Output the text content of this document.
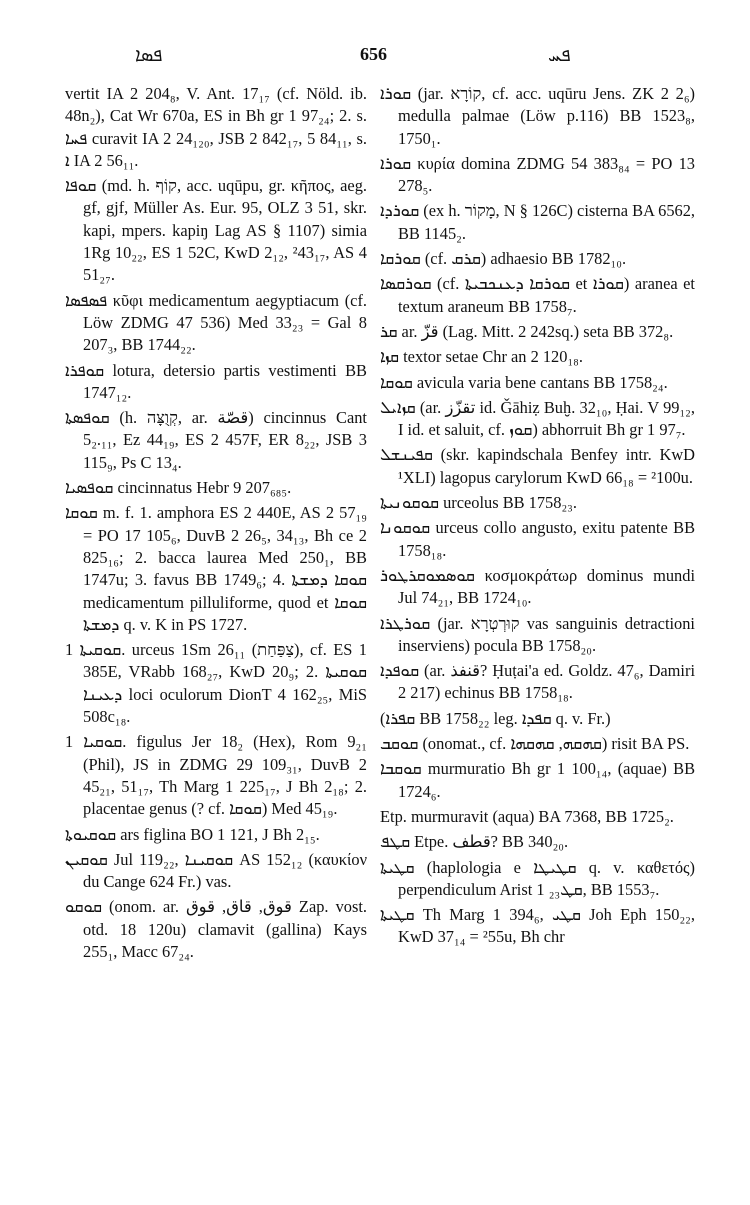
ܦܣܐ	656	ܦܚ

vertit IA 2 204₈, V. Ant. 17₁₇ (cf. Nöld. ib. 48n₂), Cat Wr 670a, ES in Bh gr 1 97₂₄; 2. s. ܦܚܐ curavit IA 2 24₁₂₀, JSB 2 842₁₇, 5 84₁₁, s. ܐ IA 2 56₁₁.

ܩܘܦܐ (md. h. קוֹף, acc. uqūpu, gr. κῆπος, aeg. gf, gjf, Müller As. Eur. 95, OLZ 3 51, skr. kapi, mpers. kapiŋ Lag AS § 1107) simia 1Rg 10₂₂, ES 1 52C, KwD 2₁₂, ²43₁₇, AS 4 51₂₇.

ܦܣܦܣܐ κῦφι medicamentum aegyptiacum (cf. Löw ZDMG 47 536) Med 33₂₃ = Gal 8 207₃, BB 1744₂₂.

ܩܘܦܪܐ lotura, detersio partis vestimenti BB 1747₁₂.

ܩܘܦܣܬܐ (h. קְוֻצָּה, ar. قصّة) cincinnus Cant 5₂.₁₁, Ez 44₁₉, ES 2 457F, ER 8₂₂, JSB 3 115₉, Ps C 13₄.

ܩܘܦܣܝܐ cincinnatus Hebr 9 207₆₈₅.

ܩܘܩܐ m. f. 1. amphora ES 2 440E, AS 2 57₁₉ = PO 17 105₆, DuvB 2 26₅, 34₁₃, Bh ce 2 825₁₆; 2. bacca laurea Med 250₁, BB 1747u; 3. favus BB 1749₆; 4. ܩܘܩܐ ܕܡܫܬܐ medicamentum pilluliforme, quod et ܩܘܩܐ ܕܡܫܬܐ q. v. K in PS 1727.

ܩܘܩܝܬܐ 1. urceus 1Sm 26₁₁ (צַפַּחַת), cf. ES 1 385E, VRabb 168₂₇, KwD 20₉; 2. ܩܘܩܝܬܐ ܕܥܝܢܐ loci oculorum DionT 4 162₂₅, MiS 508c₁₈.

ܩܘܩܝܐ 1. figulus Jer 18₂ (Hex), Rom 9₂₁ (Phil), JS in ZDMG 29 109₃₁, DuvB 2 45₂₁, 51₁₇, Th Marg 1 225₁₇, J Bh 2₁₈; 2. placentae genus (? cf. ܩܘܩܐ) Med 45₁₉.

ܩܘܩܝܘܬܐ ars figlina BO 1 121, J Bh 2₁₅.

ܩܘܩܝܢ Jul 119₂₂, ܩܘܩܝܢܐ AS 152₁₂ (καυκίον du Cange 624 Fr.) vas.

ܩܘܩܘ (onom. ar. قوق, قاق, قوق Zap. vost. otd. 18 120u) clamavit (gallina) Kays 255₁, Macc 67₂₄.

ܩܘܪܐ (jar. קוֹרָא, cf. acc. uqūru Jens. ZK 2 2₆) medulla palmae (Löw p.116) BB 1523₈, 1750₁.

ܩܘܪܐ κυρία domina ZDMG 54 383₈₄ = PO 13 278₅.

ܩܘܪܕܐ (ex h. מָקוֹר, N § 126C) cisterna BA 6562, BB 1145₂.

ܩܘܪܩܐ (cf. ܩܪܩ) adhaesio BB 1782₁₀.

ܩܘܪܩܣܐ (cf. ܩܘܪܩܐ ܕܥܢܟܒܝܬܐ et ܩܘܪܐ) aranea et textum araneum BB 1758₇.

ܩܪ ar. قزّ (Lag. Mitt. 2 242sq.) seta BB 372₈.

ܩܙܐ textor setae Chr an 2 120₁₈.

ܩܘܩܐ avicula varia bene cantans BB 1758₂₄.

ܩܙܐܝܠ (ar. تقزّز id. Ǧāhiẓ Buḫ. 32₁₀, Ḥai. V 99₁₂, I id. et saluit, cf. ܩܘܙ) abhorruit Bh gr 1 97₇.

ܩܦܝܢܫܠ (skr. kapindschala Benfey intr. KwD ¹XLI) lagopus carylorum KwD 66₁₈ = ²100u.

ܩܘܩܘܢܝܬܐ urceolus BB 1758₂₃.

ܩܘܩܘܢܐ urceus collo angusto, exitu patente BB 1758₁₈.

ܩܘܣܡܘܩܪܛܘܪ κοσμοκράτωρ dominus mundi Jul 74₂₁, BB 1724₁₀.

ܩܘܪܛܪܐ (jar. קוּרְטְרָא vas sanguinis detractioni inserviens) pocula BB 1758₂₀.

ܩܘܦܕܐ (ar. قنفذ? Ḥuṭai'a ed. Goldz. 47₆, Damiri 2 217) echinus BB 1758₁₈.

(ܩܦܪܐ BB 1758₂₂ leg. ܩܦܕܐ q. v. Fr.)

ܩܘܩܒ (onomat., cf. ܩܗܩܗ, ܩܗܩܗܐ) risit BA PS.

ܩܘܩܒܐ murmuratio Bh gr 1 100₁₄, (aquae) BB 1724₆.

Etp. murmuravit (aqua) BA 7368, BB 1725₂.

ܩܛܦ Etpe. قطف? BB 340₂₀.

ܩܛܝܬܐ (haplologia e ܩܛܝܛܐ q. v. καθετός) perpendiculum Arist 1 ܩܛ₂₃, BB 1553₇.

ܩܛܝܬܐ Th Marg 1 394₆, ܩܛܝ Joh Eph 150₂₂, KwD 37₁₄ = ²55u, Bh chr
